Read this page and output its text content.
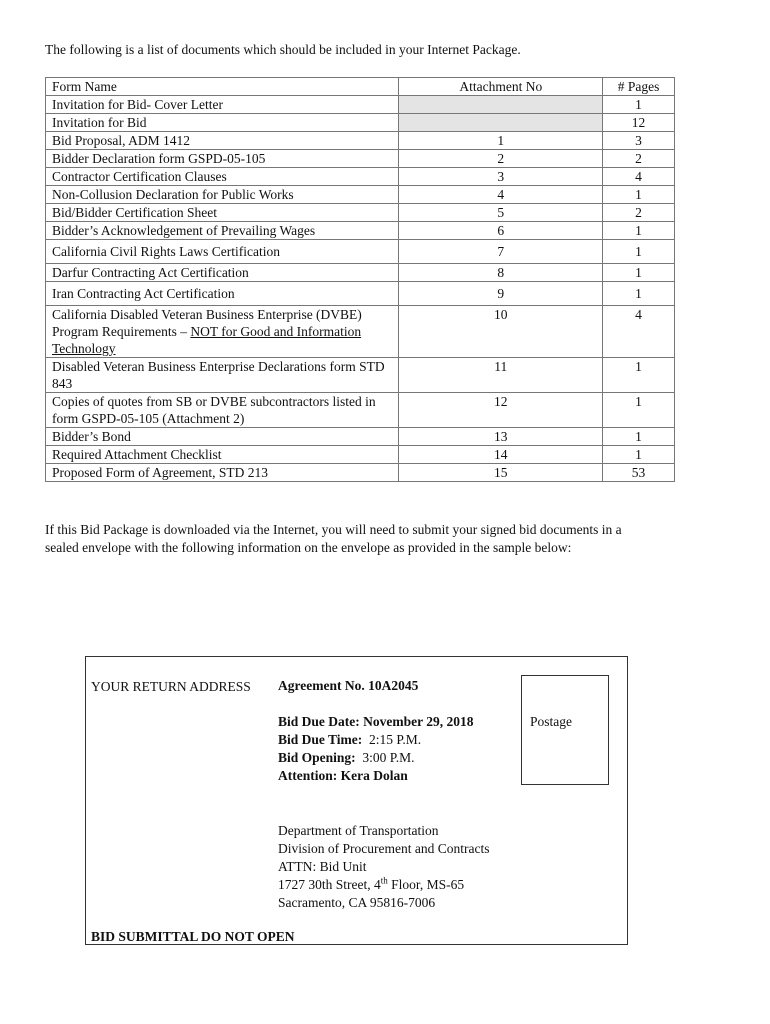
The following is a list of documents which should be included in your Internet Package.
Form Name	Attachment No	# Pages
Invitation for Bid- Cover Letter		1
Invitation for Bid		12
Bid Proposal, ADM 1412	1	3
Bidder Declaration form GSPD-05-105	2	2
Contractor Certification Clauses	3	4
Non-Collusion Declaration for Public Works	4	1
Bid/Bidder Certification Sheet	5	2
Bidder’s Acknowledgement of Prevailing Wages	6	1
California Civil Rights Laws Certification	7	1
Darfur Contracting Act Certification	8	1
Iran Contracting Act Certification	9	1
California Disabled Veteran Business Enterprise (DVBE) Program Requirements – NOT for Good and Information Technology	10	4
Disabled Veteran Business Enterprise Declarations form STD 843	11	1
Copies of quotes from SB or DVBE subcontractors listed in form GSPD-05-105 (Attachment 2)	12	1
Bidder’s Bond	13	1
Required Attachment Checklist	14	1
Proposed Form of Agreement, STD 213	15	53
If this Bid Package is downloaded via the Internet, you will need to submit your signed bid documents in a sealed envelope with the following information on the envelope as provided in the sample below:
YOUR RETURN ADDRESS	Agreement No. 10A2045
Bid Due Date: November 29, 2018
Bid Due Time: 2:15 P.M.
Bid Opening: 3:00 P.M.
Attention: Kera Dolan
Postage
Department of Transportation
Division of Procurement and Contracts
ATTN: Bid Unit
1727 30th Street, 4th Floor, MS-65
Sacramento, CA 95816-7006
BID SUBMITTAL DO NOT OPEN
